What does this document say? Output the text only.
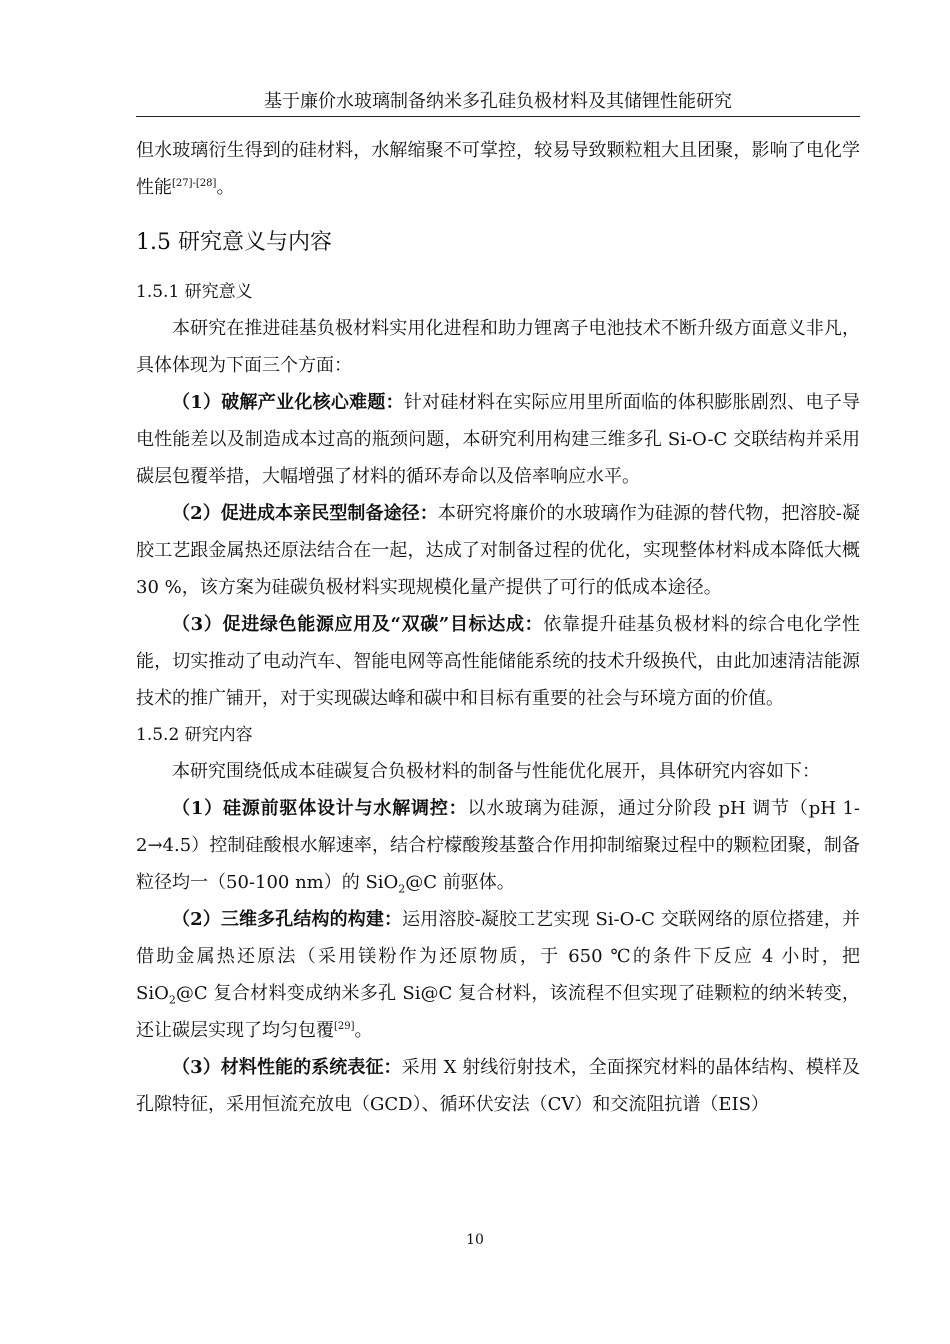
基于廉价水玻璃制备纳米多孔硅负极材料及其储锂性能研究

但水玻璃衍生得到的硅材料，水解缩聚不可掌控，较易导致颗粒粗大且团聚，影响了电化学性能[27]-[28]。

1.5 研究意义与内容
1.5.1 研究意义

本研究在推进硅基负极材料实用化进程和助力锂离子电池技术不断升级方面意义非凡，具体体现为下面三个方面：

（1）破解产业化核心难题：针对硅材料在实际应用里所面临的体积膨胀剧烈、电子导电性能差以及制造成本过高的瓶颈问题，本研究利用构建三维多孔 Si-O-C 交联结构并采用碳层包覆举措，大幅增强了材料的循环寿命以及倍率响应水平。

（2）促进成本亲民型制备途径：本研究将廉价的水玻璃作为硅源的替代物，把溶胶-凝胶工艺跟金属热还原法结合在一起，达成了对制备过程的优化，实现整体材料成本降低大概 30 %，该方案为硅碳负极材料实现规模化量产提供了可行的低成本途径。

（3）促进绿色能源应用及“双碳”目标达成：依靠提升硅基负极材料的综合电化学性能，切实推动了电动汽车、智能电网等高性能储能系统的技术升级换代，由此加速清洁能源技术的推广铺开，对于实现碳达峰和碳中和目标有重要的社会与环境方面的价值。

1.5.2 研究内容

本研究围绕低成本硅碳复合负极材料的制备与性能优化展开，具体研究内容如下：

（1）硅源前驱体设计与水解调控：以水玻璃为硅源，通过分阶段 pH 调节（pH 1-2→4.5）控制硅酸根水解速率，结合柠檬酸羧基螯合作用抑制缩聚过程中的颗粒团聚，制备粒径均一（50-100 nm）的 SiO$_2$@C 前驱体。

（2）三维多孔结构的构建：运用溶胶-凝胶工艺实现 Si-O-C 交联网络的原位搭建，并借助金属热还原法（采用镁粉作为还原物质，于 650 ℃的条件下反应 4 小时，把 SiO$_2$@C 复合材料变成纳米多孔 Si@C 复合材料，该流程不但实现了硅颗粒的纳米转变，还让碳层实现了均匀包覆[29]。

（3）材料性能的系统表征：采用 X 射线衍射技术，全面探究材料的晶体结构、模样及孔隙特征，采用恒流充放电（GCD）、循环伏安法（CV）和交流阻抗谱（EIS）

10
